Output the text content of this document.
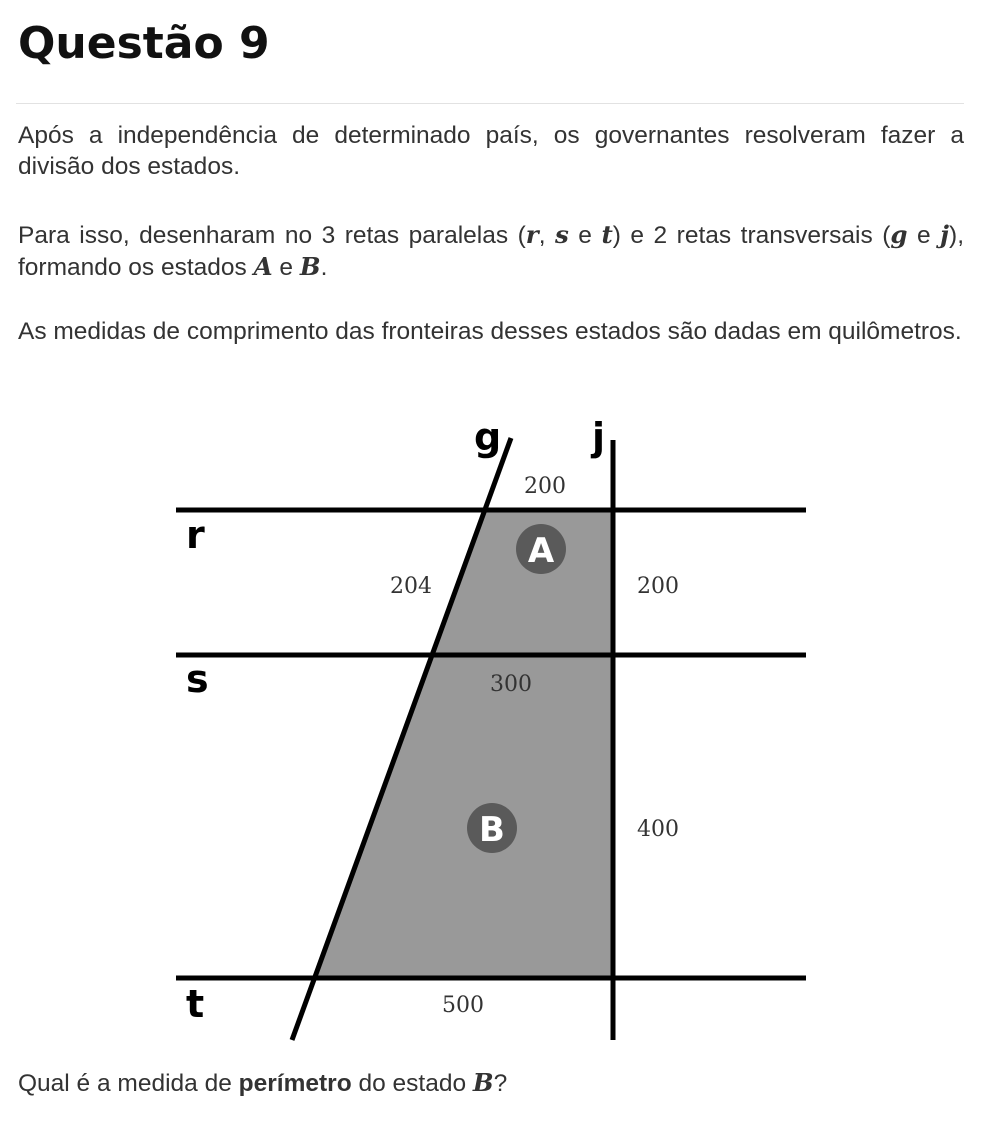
Questão 9

Após a independência de determinado país, os governantes resolveram fazer a divisão dos estados.

Para isso, desenharam no 3 retas paralelas (r, s e t) e 2 retas transversais (g e j), formando os estados A e B.

As medidas de comprimento das fronteiras desses estados são dadas em quilômetros.

g j
r
s
t
200
204	200
300
400
500
A
B
Qual é a medida de perímetro do estado B?
